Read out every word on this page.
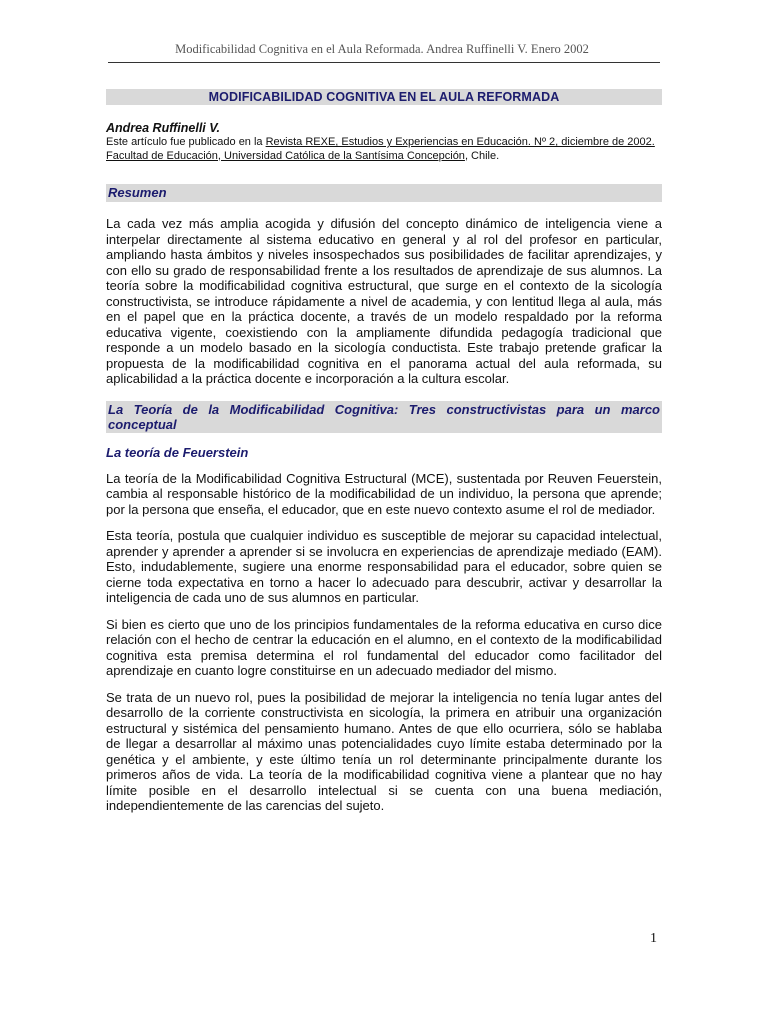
Modificabilidad Cognitiva en el Aula Reformada. Andrea Ruffinelli V. Enero 2002
MODIFICABILIDAD COGNITIVA EN EL AULA REFORMADA
Andrea Ruffinelli V.
Este artículo fue publicado en la Revista REXE, Estudios y Experiencias en Educación. Nº 2, diciembre de 2002. Facultad de Educación, Universidad Católica de la Santísima Concepción, Chile.
Resumen
La cada vez más amplia acogida y difusión del concepto dinámico de inteligencia viene a interpelar directamente al sistema educativo en general y al rol del profesor en particular, ampliando hasta ámbitos y niveles insospechados sus posibilidades de facilitar aprendizajes, y con ello su grado de responsabilidad frente a los resultados de aprendizaje de sus alumnos. La teoría sobre la modificabilidad cognitiva estructural, que surge en el contexto de la sicología constructivista, se introduce rápidamente a nivel de academia, y con lentitud llega al aula, más en el papel que en la práctica docente, a través de un modelo respaldado por la reforma educativa vigente, coexistiendo con la ampliamente difundida pedagogía tradicional que responde a un modelo basado en la sicología conductista. Este trabajo pretende graficar la propuesta de la modificabilidad cognitiva en el panorama actual del aula reformada, su aplicabilidad a la práctica docente e incorporación a la cultura escolar.
La Teoría de la Modificabilidad Cognitiva: Tres constructivistas para un marco conceptual
La teoría de Feuerstein
La teoría de la Modificabilidad Cognitiva Estructural (MCE), sustentada por Reuven Feuerstein, cambia al responsable histórico de la modificabilidad de un individuo, la persona que aprende; por la persona que enseña, el educador, que en este nuevo contexto asume el rol de mediador.
Esta teoría, postula que cualquier individuo es susceptible de mejorar su capacidad intelectual, aprender y aprender a aprender si se involucra en experiencias de aprendizaje mediado (EAM). Esto, indudablemente, sugiere una enorme responsabilidad para el educador, sobre quien se cierne toda expectativa en torno a hacer lo adecuado para descubrir, activar y desarrollar la inteligencia de cada uno de sus alumnos en particular.
Si bien es cierto que uno de los principios fundamentales de la reforma educativa en curso dice relación con el hecho de centrar la educación en el alumno, en el contexto de la modificabilidad cognitiva esta premisa determina el rol fundamental del educador como facilitador del aprendizaje en cuanto logre constituirse en un adecuado mediador del mismo.
Se trata de un nuevo rol, pues la posibilidad de mejorar la inteligencia no tenía lugar antes del desarrollo de la corriente constructivista en sicología, la primera en atribuir una organización estructural y sistémica del pensamiento humano. Antes de que ello ocurriera, sólo se hablaba de llegar a desarrollar al máximo unas potencialidades cuyo límite estaba determinado por la genética y el ambiente, y este último tenía un rol determinante principalmente durante los primeros años de vida. La teoría de la modificabilidad cognitiva viene a plantear que no hay límite posible en el desarrollo intelectual si se cuenta con una buena mediación, independientemente de las carencias del sujeto.
1
